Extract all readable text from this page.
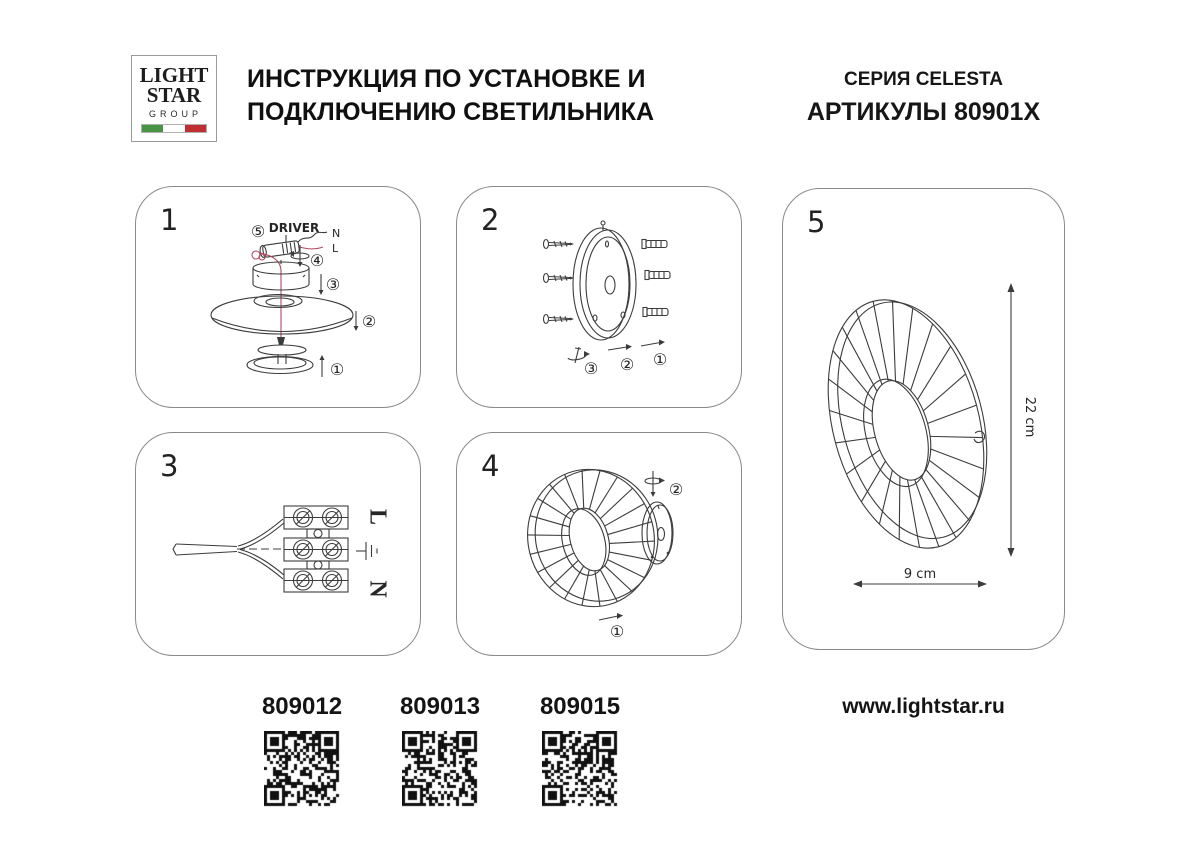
LIGHT
STAR
GROUP
ИНСТРУКЦИЯ ПО УСТАНОВКЕ И
ПОДКЛЮЧЕНИЮ СВЕТИЛЬНИКА
СЕРИЯ CELESTA
АРТИКУЛЫ 80901X
1	⑤ DRIVER N
L
④
③
②
①
2
③ ② ①
3
L
N
4
②
①
5
22 cm
9 cm
809012	809013	809015	www.lightstar.ru
